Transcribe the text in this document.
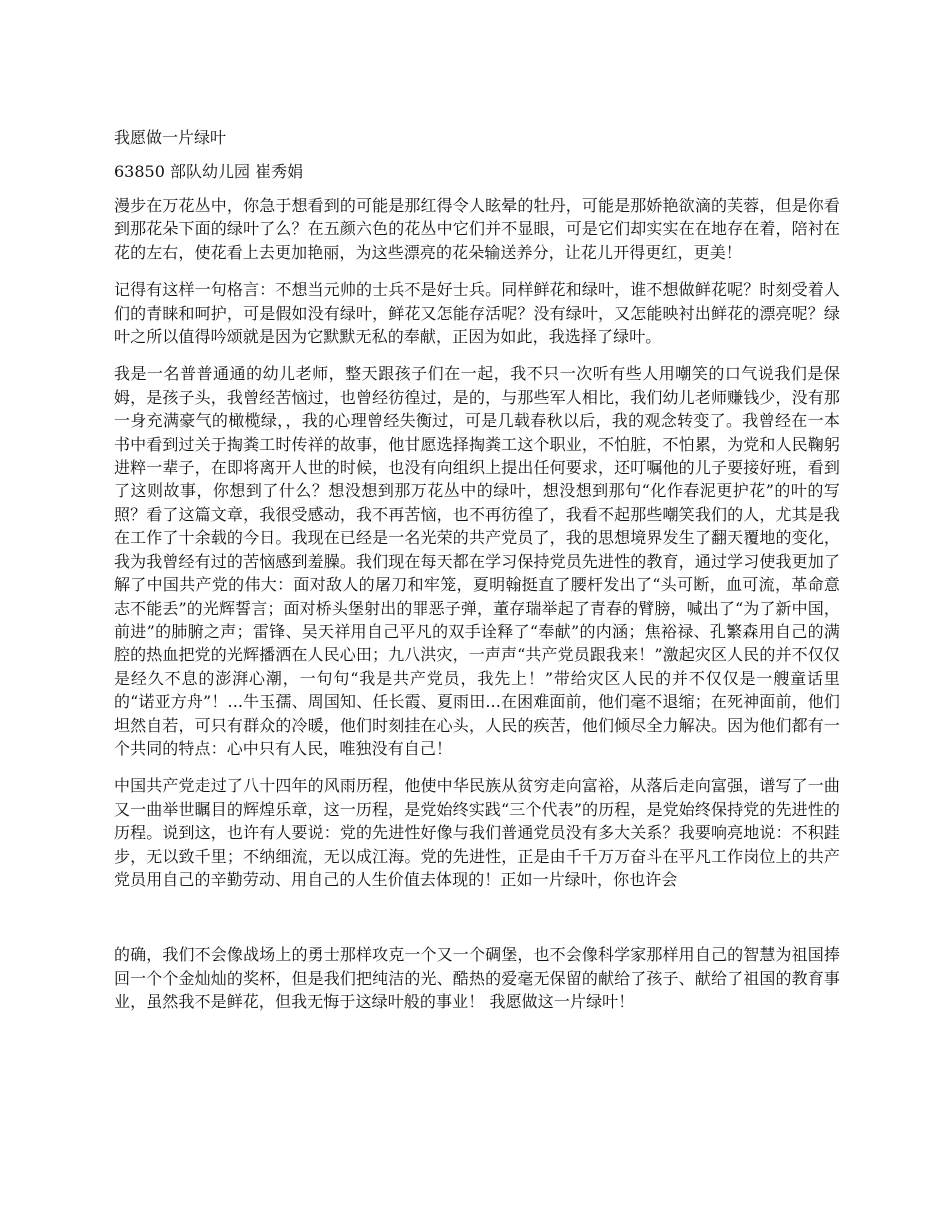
我愿做一片绿叶
63850 部队幼儿园 崔秀娟

漫步在万花丛中，你急于想看到的可能是那红得令人眩晕的牡丹，可能是那娇艳欲滴的芙蓉，但是你看到那花朵下面的绿叶了么？在五颜六色的花丛中它们并不显眼，可是它们却实实在在地存在着，陪衬在花的左右，使花看上去更加艳丽，为这些漂亮的花朵输送养分，让花儿开得更红，更美！

记得有这样一句格言：不想当元帅的士兵不是好士兵。同样鲜花和绿叶，谁不想做鲜花呢？时刻受着人们的青睐和呵护，可是假如没有绿叶，鲜花又怎能存活呢？没有绿叶，又怎能映衬出鲜花的漂亮呢？绿叶之所以值得吟颂就是因为它默默无私的奉献，正因为如此，我选择了绿叶。

我是一名普普通通的幼儿老师，整天跟孩子们在一起，我不只一次听有些人用嘲笑的口气说我们是保姆，是孩子头，我曾经苦恼过，也曾经彷徨过，是的，与那些军人相比，我们幼儿老师赚钱少，没有那一身充满豪气的橄榄绿，，我的心理曾经失衡过，可是几载春秋以后，我的观念转变了。我曾经在一本书中看到过关于掏粪工时传祥的故事，他甘愿选择掏粪工这个职业，不怕脏，不怕累，为党和人民鞠躬进粹一辈子，在即将离开人世的时候，也没有向组织上提出任何要求，还叮嘱他的儿子要接好班，看到了这则故事，你想到了什么？想没想到那万花丛中的绿叶，想没想到那句“化作春泥更护花”的叶的写照？看了这篇文章，我很受感动，我不再苦恼，也不再彷徨了，我看不起那些嘲笑我们的人，尤其是我在工作了十余载的今日。我现在已经是一名光荣的共产党员了，我的思想境界发生了翻天覆地的变化，我为我曾经有过的苦恼感到羞臊。我们现在每天都在学习保持党员先进性的教育，通过学习使我更加了解了中国共产党的伟大：面对敌人的屠刀和牢笼，夏明翰挺直了腰杆发出了“头可断，血可流，革命意志不能丢”的光辉誓言；面对桥头堡射出的罪恶子弹，董存瑞举起了青春的臂膀，喊出了“为了新中国，前进”的肺腑之声；雷锋、吴天祥用自己平凡的双手诠释了“奉献”的内涵；焦裕禄、孔繁森用自己的满腔的热血把党的光辉播洒在人民心田；九八洪灾，一声声“共产党员跟我来！”激起灾区人民的并不仅仅是经久不息的澎湃心潮，一句句“我是共产党员，我先上！”带给灾区人民的并不仅仅是一艘童话里的“诺亚方舟”！...牛玉孺、周国知、任长霞、夏雨田...在困难面前，他们毫不退缩；在死神面前，他们坦然自若，可只有群众的冷暖，他们时刻挂在心头，人民的疾苦，他们倾尽全力解决。因为他们都有一个共同的特点：心中只有人民，唯独没有自己！

中国共产党走过了八十四年的风雨历程，他使中华民族从贫穷走向富裕，从落后走向富强，谱写了一曲又一曲举世瞩目的辉煌乐章，这一历程，是党始终实践“三个代表”的历程，是党始终保持党的先进性的历程。说到这，也许有人要说：党的先进性好像与我们普通党员没有多大关系？我要响亮地说：不积跬步，无以致千里；不纳细流，无以成江海。党的先进性，正是由千千万万奋斗在平凡工作岗位上的共产党员用自己的辛勤劳动、用自己的人生价值去体现的！正如一片绿叶，你也许会

的确，我们不会像战场上的勇士那样攻克一个又一个碉堡，也不会像科学家那样用自己的智慧为祖国捧回一个个金灿灿的奖杯，但是我们把纯洁的光、酷热的爱毫无保留的献给了孩子、献给了祖国的教育事业，虽然我不是鲜花，但我无悔于这绿叶般的事业！ 我愿做这一片绿叶！
